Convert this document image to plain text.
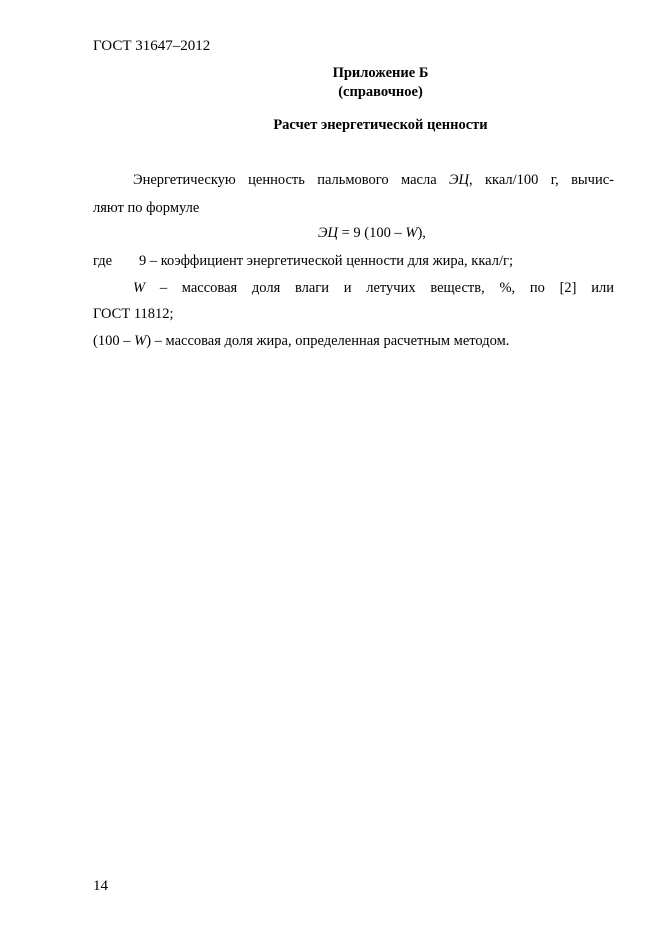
ГОСТ 31647–2012
Приложение Б
(справочное)
Расчет энергетической ценности
Энергетическую ценность пальмового масла ЭЦ, ккал/100 г, вычис-
ляют по формуле
ЭЦ = 9 (100 – W),
где 9 – коэффициент энергетической ценности для жира, ккал/г;
W – массовая доля влаги и летучих веществ, %, по [2] или
ГОСТ 11812;
(100 – W) – массовая доля жира, определенная расчетным методом.
14
